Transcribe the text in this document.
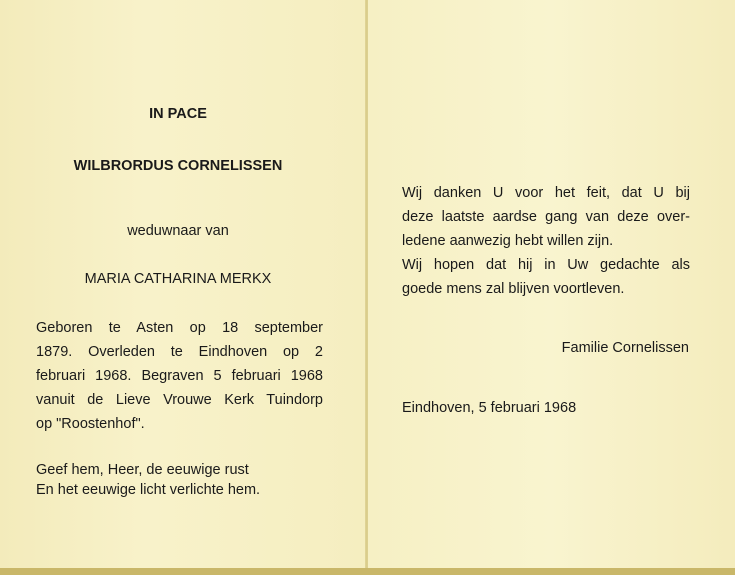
IN PACE
WILBRORDUS CORNELISSEN
weduwnaar van
MARIA CATHARINA MERKX
Geboren te Asten op 18 september
1879. Overleden te Eindhoven op 2
februari 1968. Begraven 5 februari 1968
vanuit de Lieve Vrouwe Kerk Tuindorp
op "Roostenhof".
Geef hem, Heer, de eeuwige rust
En het eeuwige licht verlichte hem.
Wij danken U voor het feit, dat U bij
deze laatste aardse gang van deze over-
ledene aanwezig hebt willen zijn.
Wij hopen dat hij in Uw gedachte als
goede mens zal blijven voortleven.
Familie Cornelissen
Eindhoven, 5 februari 1968
